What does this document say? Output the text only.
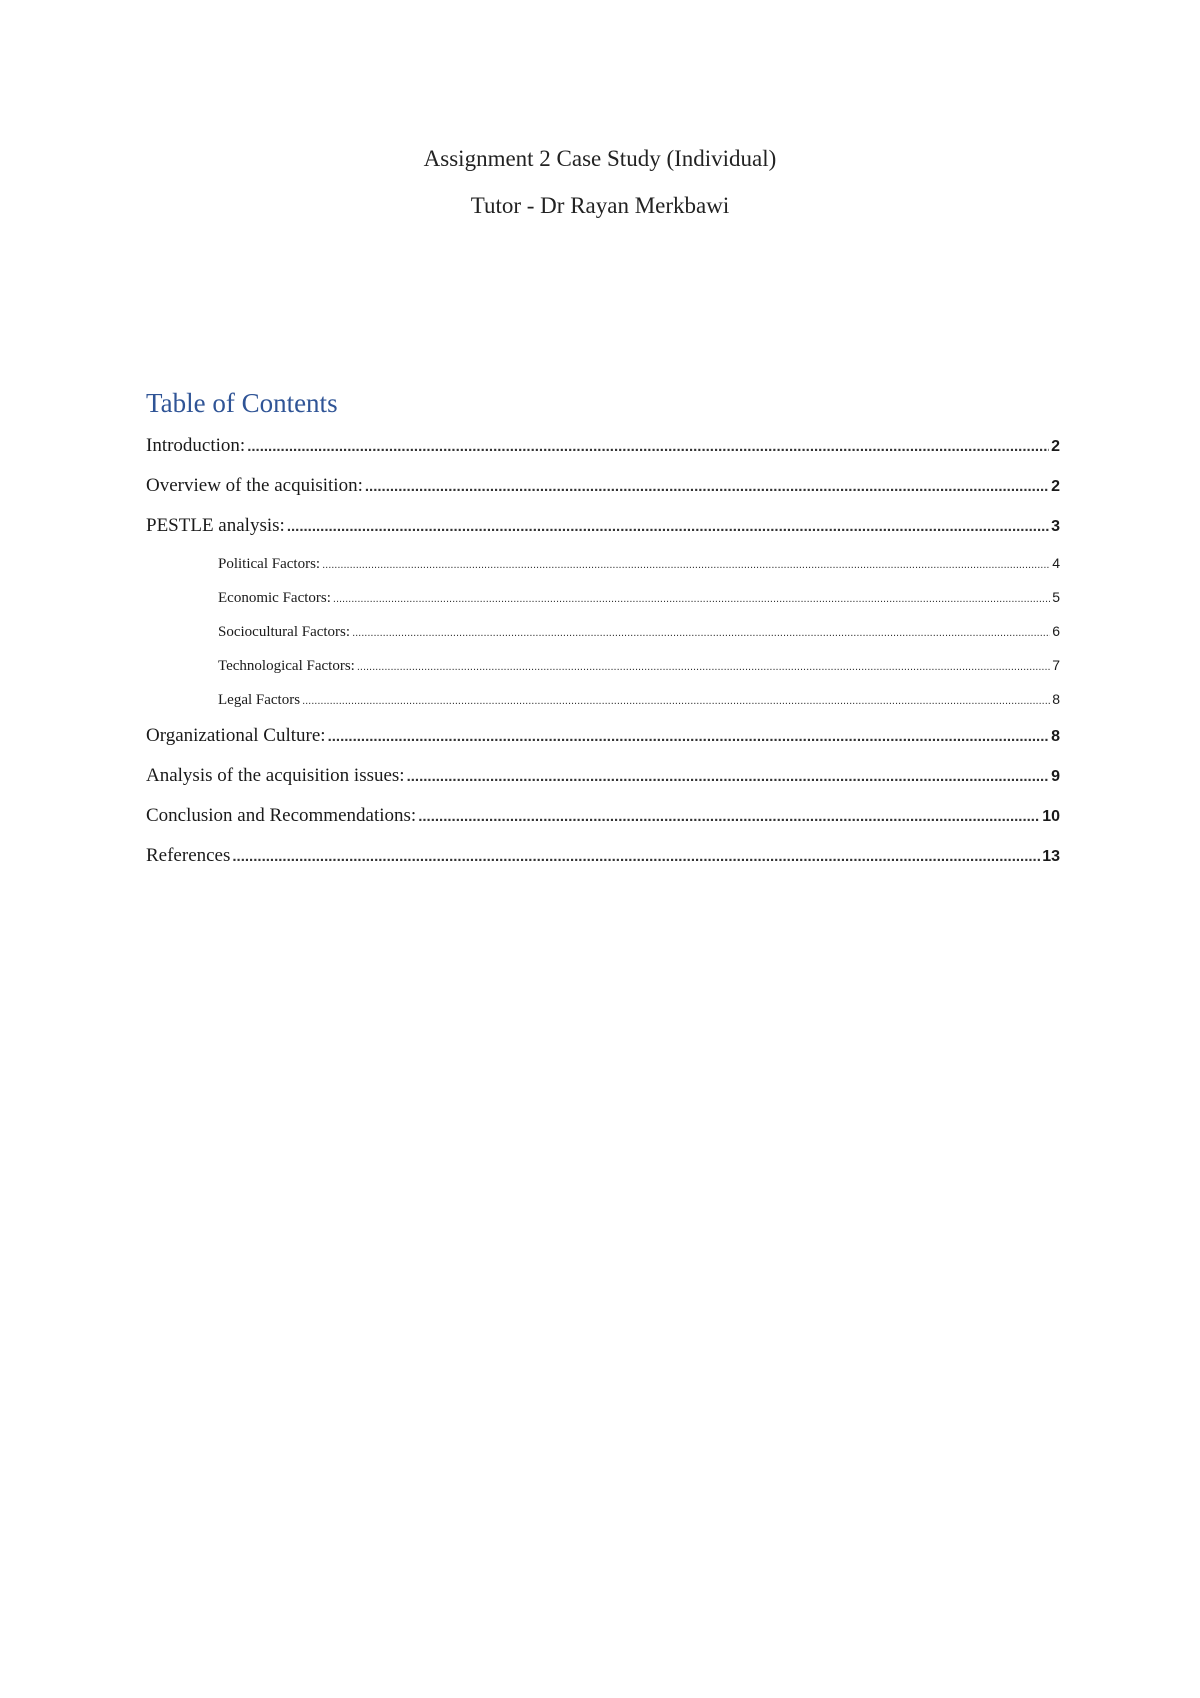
Assignment 2 Case Study (Individual)
Tutor - Dr Rayan Merkbawi
Table of Contents
Introduction: .....	2
Overview of the acquisition: .....	2
PESTLE analysis: .....	3
Political Factors: .....	4
Economic Factors: .....	5
Sociocultural Factors: .....	6
Technological Factors: .....	7
Legal Factors .....	8
Organizational Culture: .....	8
Analysis of the acquisition issues: .....	9
Conclusion and Recommendations: .....	10
References .....	13
